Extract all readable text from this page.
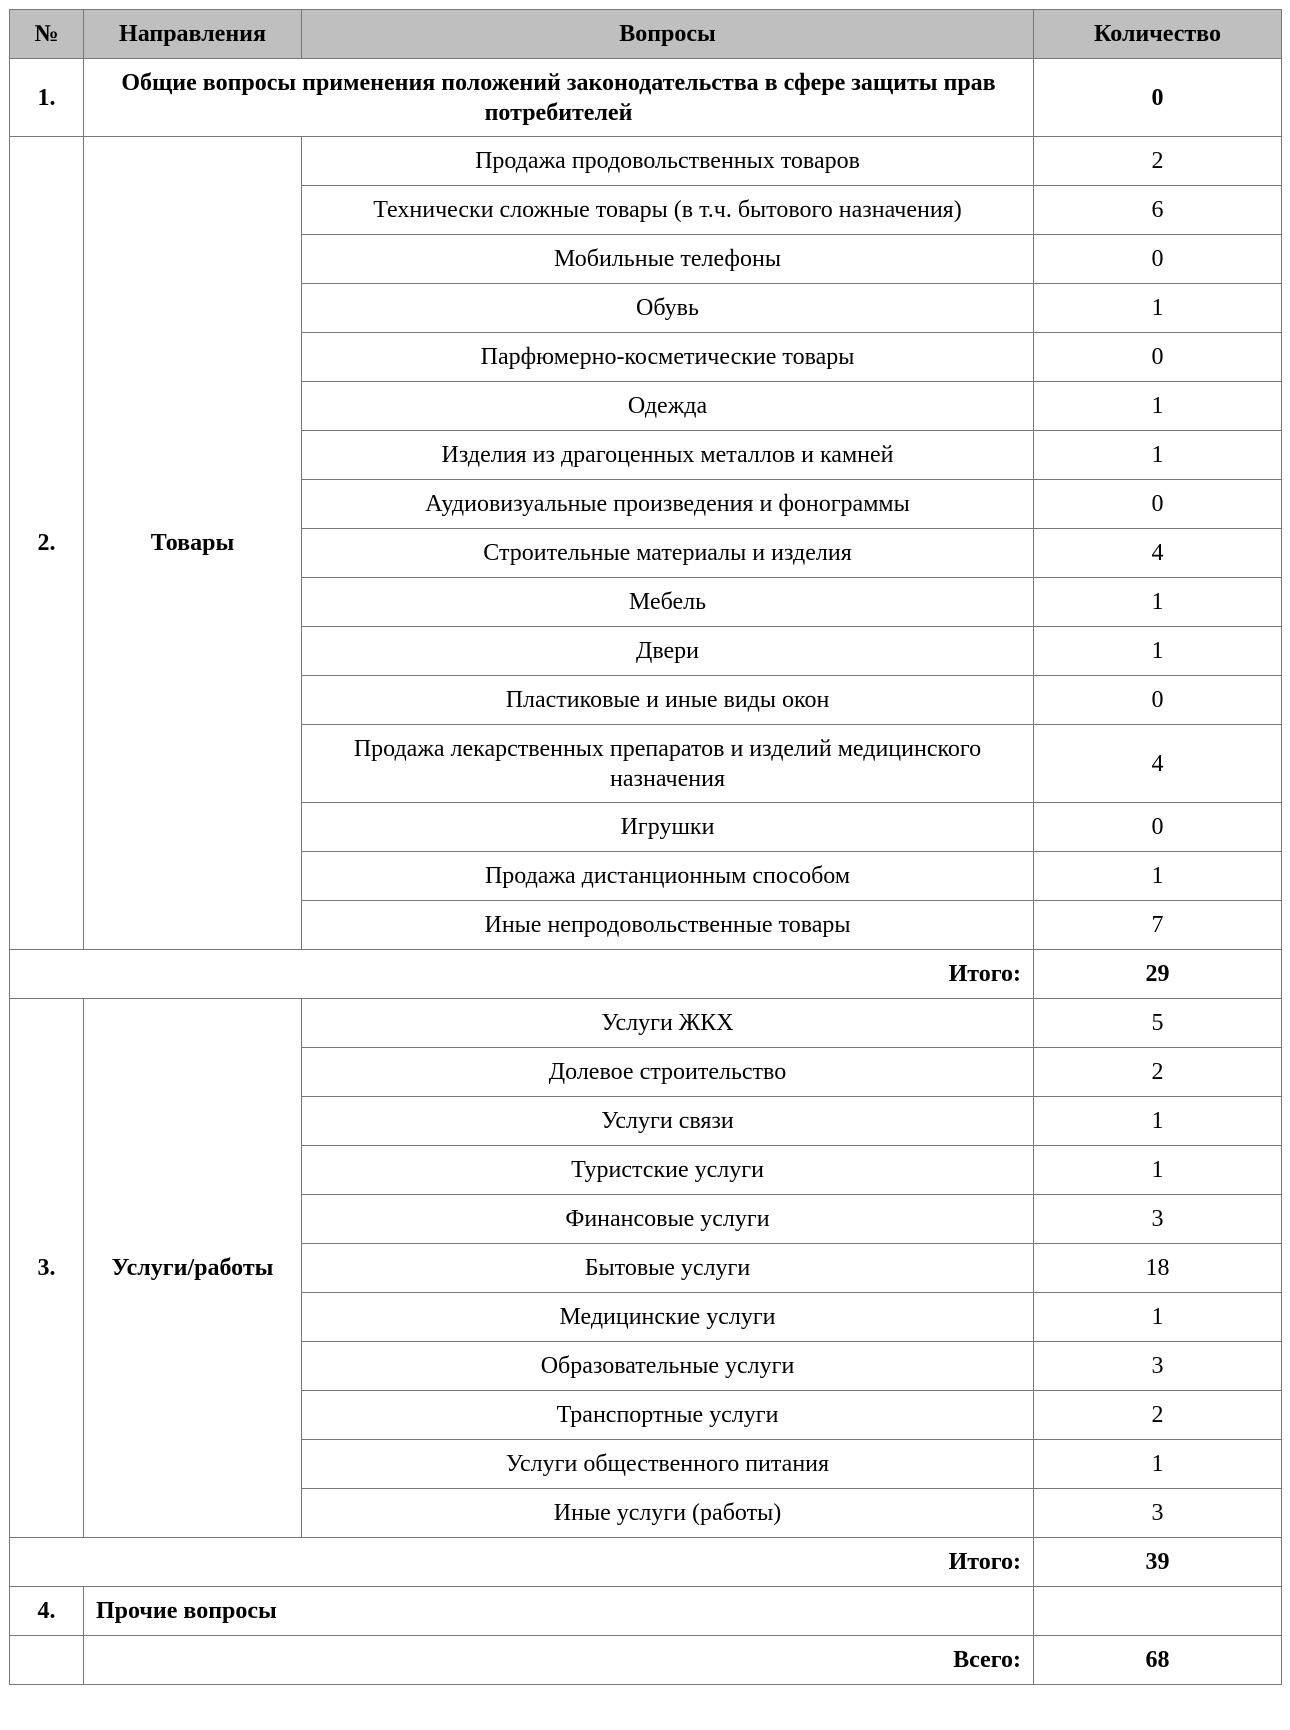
№	Направления	Вопросы	Количество
1.	Общие вопросы применения положений законодательства в сфере защиты прав потребителей		0
2.	Товары	Продажа продовольственных товаров	2
		Технически сложные товары (в т.ч. бытового назначения)	6
		Мобильные телефоны	0
		Обувь	1
		Парфюмерно-косметические товары	0
		Одежда	1
		Изделия из драгоценных металлов и камней	1
		Аудиовизуальные произведения и фонограммы	0
		Строительные материалы и изделия	4
		Мебель	1
		Двери	1
		Пластиковые и иные виды окон	0
		Продажа лекарственных препаратов и изделий медицинского назначения	4
		Игрушки	0
		Продажа дистанционным способом	1
		Иные непродовольственные товары	7
Итого:			29
3.	Услуги/работы	Услуги ЖКХ	5
		Долевое строительство	2
		Услуги связи	1
		Туристские услуги	1
		Финансовые услуги	3
		Бытовые услуги	18
		Медицинские услуги	1
		Образовательные услуги	3
		Транспортные услуги	2
		Услуги общественного питания	1
		Иные услуги (работы)	3
Итого:			39
4.	Прочие вопросы		
	Всего:		68
